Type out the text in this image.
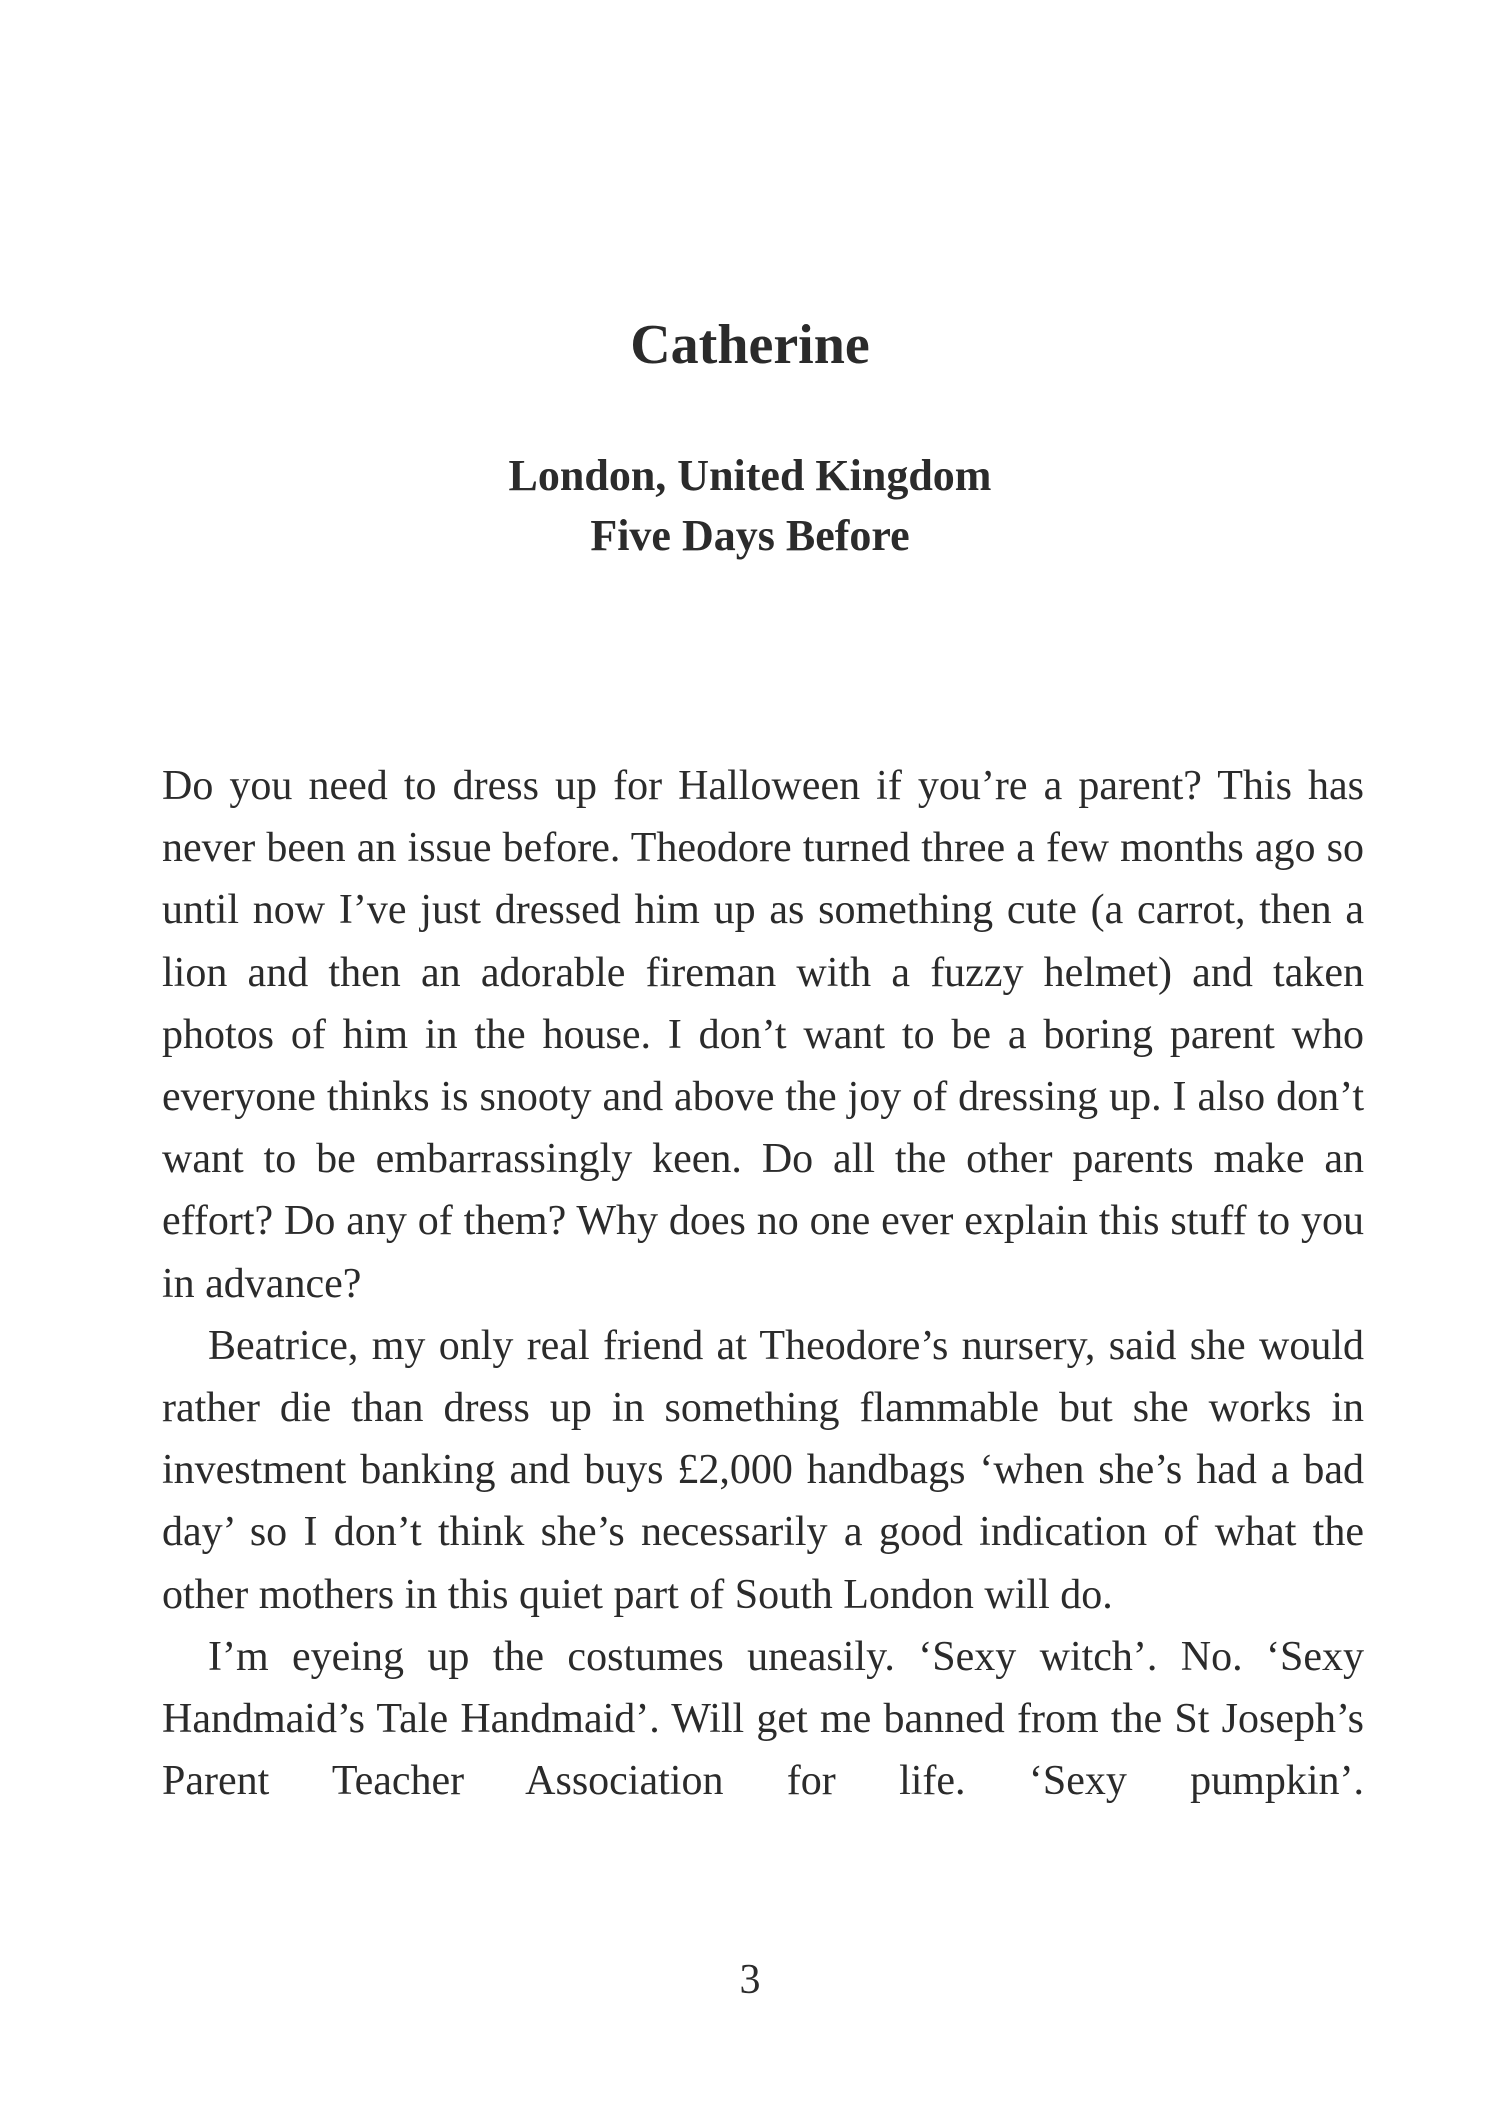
Catherine
London, United Kingdom
Five Days Before

Do you need to dress up for Halloween if you’re a parent? This has never been an issue before. Theodore turned three a few months ago so until now I’ve just dressed him up as something cute (a carrot, then a lion and then an adorable fireman with a fuzzy helmet) and taken photos of him in the house. I don’t want to be a boring parent who everyone thinks is snooty and above the joy of dressing up. I also don’t want to be embarrassingly keen. Do all the other parents make an effort? Do any of them? Why does no one ever explain this stuff to you in advance?

Beatrice, my only real friend at Theodore’s nursery, said she would rather die than dress up in something flammable but she works in investment banking and buys £2,000 handbags ‘when she’s had a bad day’ so I don’t think she’s necessarily a good indication of what the other mothers in this quiet part of South London will do.

I’m eyeing up the costumes uneasily. ‘Sexy witch’. No. ‘Sexy Handmaid’s Tale Handmaid’. Will get me banned from the St Joseph’s Parent Teacher Association for life. ‘Sexy pumpkin’.

3
